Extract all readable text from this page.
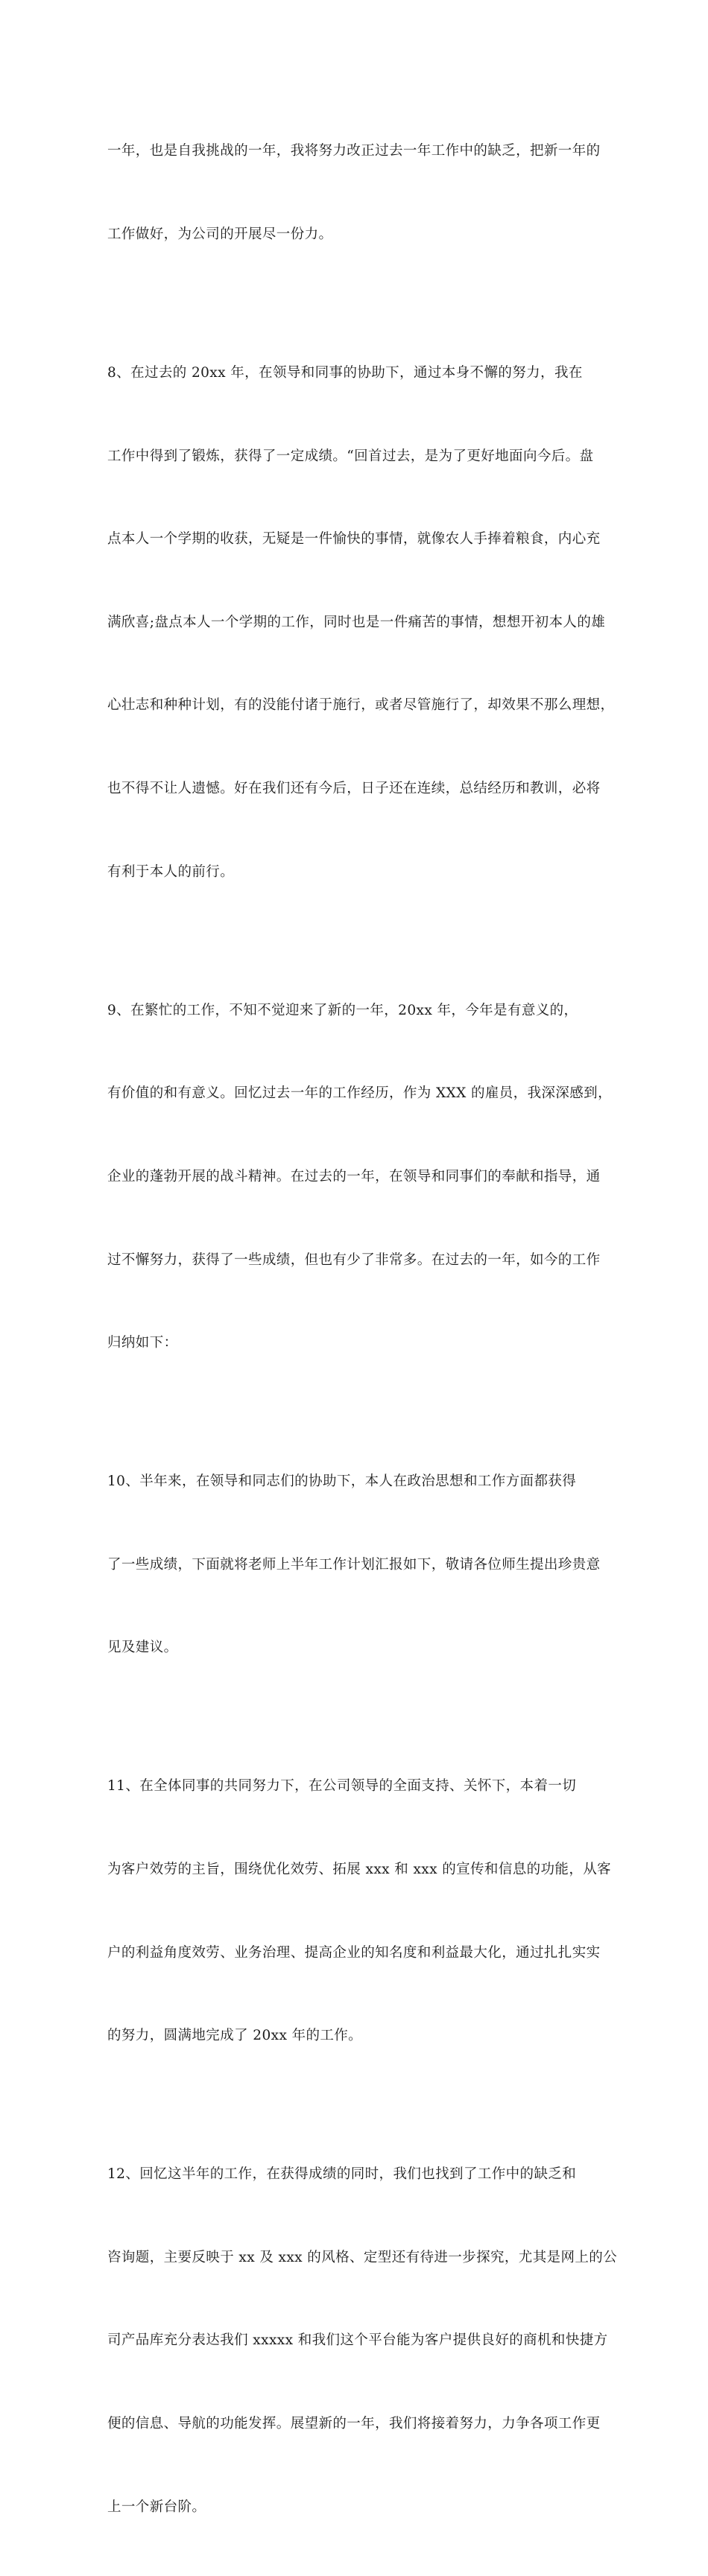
一年，也是自我挑战的一年，我将努力改正过去一年工作中的缺乏，把新一年的

工作做好，为公司的开展尽一份力。

8、在过去的 20xx 年，在领导和同事的协助下，通过本身不懈的努力，我在

工作中得到了锻炼，获得了一定成绩。“回首过去，是为了更好地面向今后。盘

点本人一个学期的收获，无疑是一件愉快的事情，就像农人手捧着粮食，内心充

满欣喜;盘点本人一个学期的工作，同时也是一件痛苦的事情，想想开初本人的雄

心壮志和种种计划，有的没能付诸于施行，或者尽管施行了，却效果不那么理想，

也不得不让人遗憾。好在我们还有今后，日子还在连续，总结经历和教训，必将

有利于本人的前行。

9、在繁忙的工作，不知不觉迎来了新的一年，20xx 年，今年是有意义的，

有价值的和有意义。回忆过去一年的工作经历，作为 XXX 的雇员，我深深感到，

企业的蓬勃开展的战斗精神。在过去的一年，在领导和同事们的奉献和指导，通

过不懈努力，获得了一些成绩，但也有少了非常多。在过去的一年，如今的工作

归纳如下：

10、半年来，在领导和同志们的协助下，本人在政治思想和工作方面都获得

了一些成绩，下面就将老师上半年工作计划汇报如下，敬请各位师生提出珍贵意

见及建议。

11、在全体同事的共同努力下，在公司领导的全面支持、关怀下，本着一切

为客户效劳的主旨，围绕优化效劳、拓展 xxx 和 xxx 的宣传和信息的功能，从客

户的利益角度效劳、业务治理、提高企业的知名度和利益最大化，通过扎扎实实

的努力，圆满地完成了 20xx 年的工作。

12、回忆这半年的工作，在获得成绩的同时，我们也找到了工作中的缺乏和

咨询题，主要反映于 xx 及 xxx 的风格、定型还有待进一步探究，尤其是网上的公

司产品库充分表达我们 xxxxx 和我们这个平台能为客户提供良好的商机和快捷方

便的信息、导航的功能发挥。展望新的一年，我们将接着努力，力争各项工作更

上一个新台阶。
